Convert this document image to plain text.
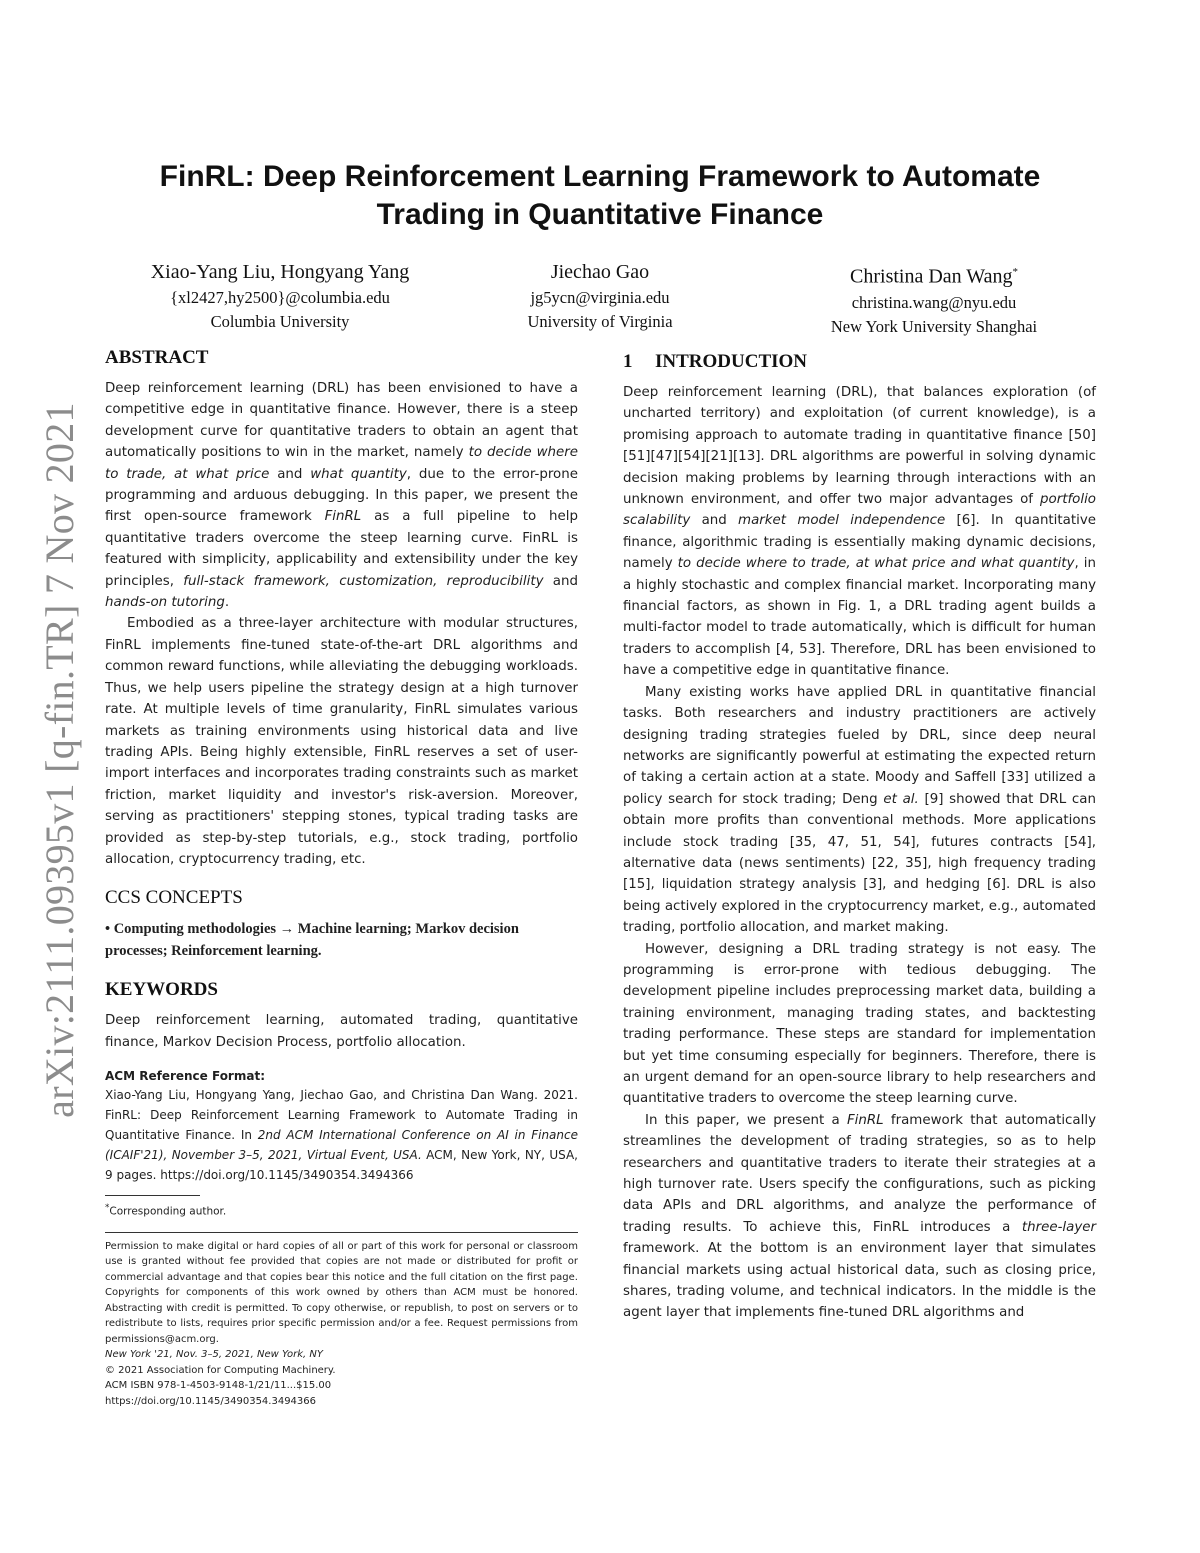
arXiv:2111.09395v1 [q-fin.TR] 7 Nov 2021
FinRL: Deep Reinforcement Learning Framework to Automate
Trading in Quantitative Finance
Xiao-Yang Liu, Hongyang Yang
{xl2427,hy2500}@columbia.edu
Columbia University
Jiechao Gao
jg5ycn@virginia.edu
University of Virginia
Christina Dan Wang*
christina.wang@nyu.edu
New York University Shanghai
ABSTRACT

Deep reinforcement learning (DRL) has been envisioned to have a competitive edge in quantitative finance. However, there is a steep development curve for quantitative traders to obtain an agent that automatically positions to win in the market, namely to decide where to trade, at what price and what quantity, due to the error-prone programming and arduous debugging. In this paper, we present the first open-source framework FinRL as a full pipeline to help quantitative traders overcome the steep learning curve. FinRL is featured with simplicity, applicability and extensibility under the key principles, full-stack framework, customization, reproducibility and hands-on tutoring.

Embodied as a three-layer architecture with modular structures, FinRL implements fine-tuned state-of-the-art DRL algorithms and common reward functions, while alleviating the debugging workloads. Thus, we help users pipeline the strategy design at a high turnover rate. At multiple levels of time granularity, FinRL simulates various markets as training environments using historical data and live trading APIs. Being highly extensible, FinRL reserves a set of user-import interfaces and incorporates trading constraints such as market friction, market liquidity and investor's risk-aversion. Moreover, serving as practitioners' stepping stones, typical trading tasks are provided as step-by-step tutorials, e.g., stock trading, portfolio allocation, cryptocurrency trading, etc.

CCS CONCEPTS

• Computing methodologies → Machine learning; Markov decision processes; Reinforcement learning.

KEYWORDS

Deep reinforcement learning, automated trading, quantitative finance, Markov Decision Process, portfolio allocation.

ACM Reference Format:

Xiao-Yang Liu, Hongyang Yang, Jiechao Gao, and Christina Dan Wang. 2021. FinRL: Deep Reinforcement Learning Framework to Automate Trading in Quantitative Finance. In 2nd ACM International Conference on AI in Finance (ICAIF'21), November 3–5, 2021, Virtual Event, USA. ACM, New York, NY, USA, 9 pages. https://doi.org/10.1145/3490354.3494366

*Corresponding author.

Permission to make digital or hard copies of all or part of this work for personal or classroom use is granted without fee provided that copies are not made or distributed for profit or commercial advantage and that copies bear this notice and the full citation on the first page. Copyrights for components of this work owned by others than ACM must be honored. Abstracting with credit is permitted. To copy otherwise, or republish, to post on servers or to redistribute to lists, requires prior specific permission and/or a fee. Request permissions from permissions@acm.org.

New York '21, Nov. 3–5, 2021, New York, NY

© 2021 Association for Computing Machinery.

ACM ISBN 978-1-4503-9148-1/21/11...$15.00

https://doi.org/10.1145/3490354.3494366

1 INTRODUCTION

Deep reinforcement learning (DRL), that balances exploration (of uncharted territory) and exploitation (of current knowledge), is a promising approach to automate trading in quantitative finance [50][51][47][54][21][13]. DRL algorithms are powerful in solving dynamic decision making problems by learning through interactions with an unknown environment, and offer two major advantages of portfolio scalability and market model independence [6]. In quantitative finance, algorithmic trading is essentially making dynamic decisions, namely to decide where to trade, at what price and what quantity, in a highly stochastic and complex financial market. Incorporating many financial factors, as shown in Fig. 1, a DRL trading agent builds a multi-factor model to trade automatically, which is difficult for human traders to accomplish [4, 53]. Therefore, DRL has been envisioned to have a competitive edge in quantitative finance.

Many existing works have applied DRL in quantitative financial tasks. Both researchers and industry practitioners are actively designing trading strategies fueled by DRL, since deep neural networks are significantly powerful at estimating the expected return of taking a certain action at a state. Moody and Saffell [33] utilized a policy search for stock trading; Deng et al. [9] showed that DRL can obtain more profits than conventional methods. More applications include stock trading [35, 47, 51, 54], futures contracts [54], alternative data (news sentiments) [22, 35], high frequency trading [15], liquidation strategy analysis [3], and hedging [6]. DRL is also being actively explored in the cryptocurrency market, e.g., automated trading, portfolio allocation, and market making.

However, designing a DRL trading strategy is not easy. The programming is error-prone with tedious debugging. The development pipeline includes preprocessing market data, building a training environment, managing trading states, and backtesting trading performance. These steps are standard for implementation but yet time consuming especially for beginners. Therefore, there is an urgent demand for an open-source library to help researchers and quantitative traders to overcome the steep learning curve.

In this paper, we present a FinRL framework that automatically streamlines the development of trading strategies, so as to help researchers and quantitative traders to iterate their strategies at a high turnover rate. Users specify the configurations, such as picking data APIs and DRL algorithms, and analyze the performance of trading results. To achieve this, FinRL introduces a three-layer framework. At the bottom is an environment layer that simulates financial markets using actual historical data, such as closing price, shares, trading volume, and technical indicators. In the middle is the agent layer that implements fine-tuned DRL algorithms and
